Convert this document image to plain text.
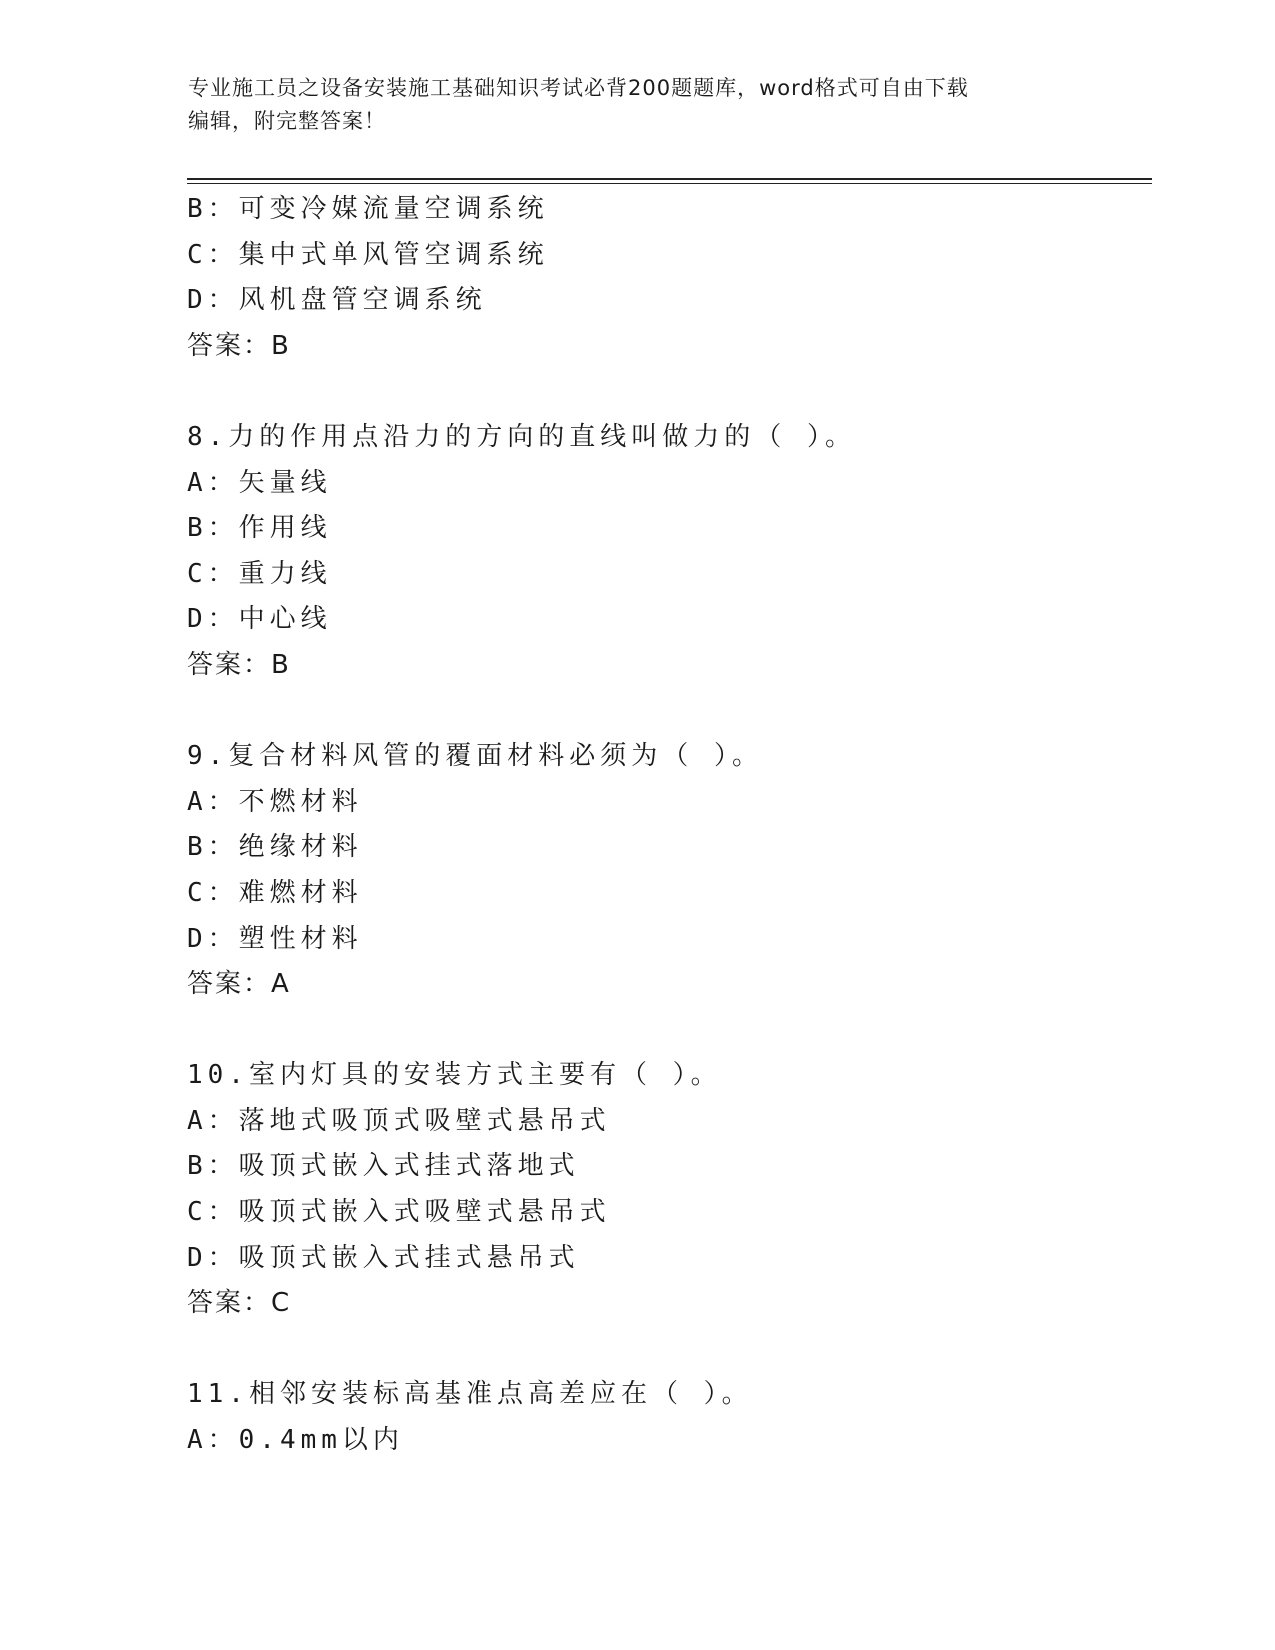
专业施工员之设备安装施工基础知识考试必背200题题库，word格式可自由下载
编辑，附完整答案！
B：可变冷媒流量空调系统
C：集中式单风管空调系统
D：风机盘管空调系统
答案：B
8.力的作用点沿力的方向的直线叫做力的（ ）。
A：矢量线
B：作用线
C：重力线
D：中心线
答案：B
9.复合材料风管的覆面材料必须为（ ）。
A：不燃材料
B：绝缘材料
C：难燃材料
D：塑性材料
答案：A
10.室内灯具的安装方式主要有（ ）。
A：落地式吸顶式吸壁式悬吊式
B：吸顶式嵌入式挂式落地式
C：吸顶式嵌入式吸壁式悬吊式
D：吸顶式嵌入式挂式悬吊式
答案：C
11.相邻安装标高基准点高差应在（ ）。
A：0.4mm以内
